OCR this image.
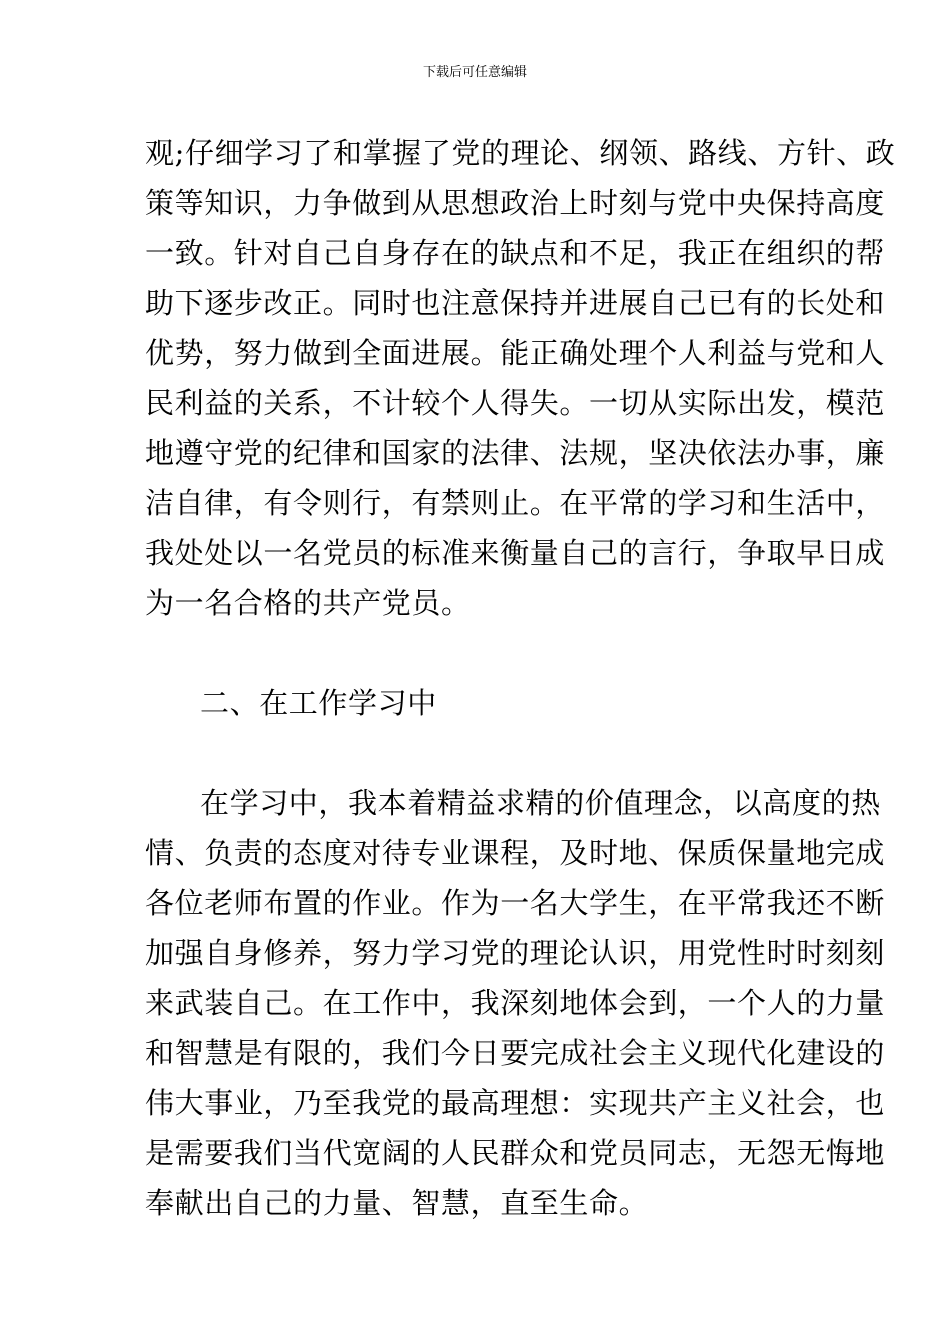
下载后可任意编辑
观;仔细学习了和掌握了党的理论、纲领、路线、方针、政
策等知识，力争做到从思想政治上时刻与党中央保持高度
一致。针对自己自身存在的缺点和不足，我正在组织的帮
助下逐步改正。同时也注意保持并进展自己已有的长处和
优势，努力做到全面进展。能正确处理个人利益与党和人
民利益的关系，不计较个人得失。一切从实际出发，模范
地遵守党的纪律和国家的法律、法规，坚决依法办事，廉
洁自律，有令则行，有禁则止。在平常的学习和生活中，
我处处以一名党员的标准来衡量自己的言行，争取早日成
为一名合格的共产党员。
二、在工作学习中
在学习中，我本着精益求精的价值理念，以高度的热
情、负责的态度对待专业课程，及时地、保质保量地完成
各位老师布置的作业。作为一名大学生，在平常我还不断
加强自身修养，努力学习党的理论认识，用党性时时刻刻
来武装自己。在工作中，我深刻地体会到，一个人的力量
和智慧是有限的，我们今日要完成社会主义现代化建设的
伟大事业，乃至我党的最高理想：实现共产主义社会，也
是需要我们当代宽阔的人民群众和党员同志，无怨无悔地
奉献出自己的力量、智慧，直至生命。
